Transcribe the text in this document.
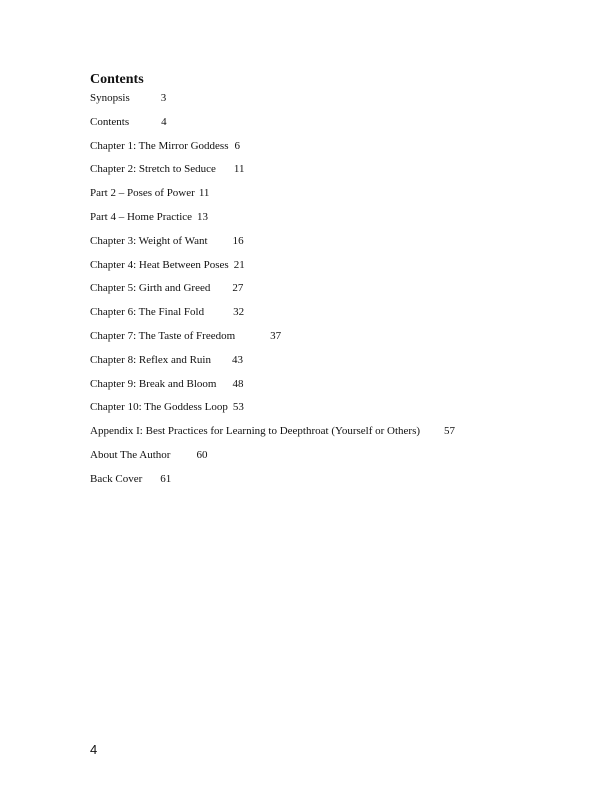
Contents
Synopsis	3
Contents	4
Chapter 1: The Mirror Goddess 6
Chapter 2: Stretch to Seduce 11
Part 2 – Poses of Power 11
Part 4 – Home Practice 13
Chapter 3: Weight of Want 16
Chapter 4: Heat Between Poses 21
Chapter 5: Girth and Greed 27
Chapter 6: The Final Fold	32
Chapter 7: The Taste of Freedom	37
Chapter 8: Reflex and Ruin 43
Chapter 9: Break and Bloom 48
Chapter 10: The Goddess Loop 53
Appendix I: Best Practices for Learning to Deepthroat (Yourself or Others) 57
About The Author 60
Back Cover 61
4
